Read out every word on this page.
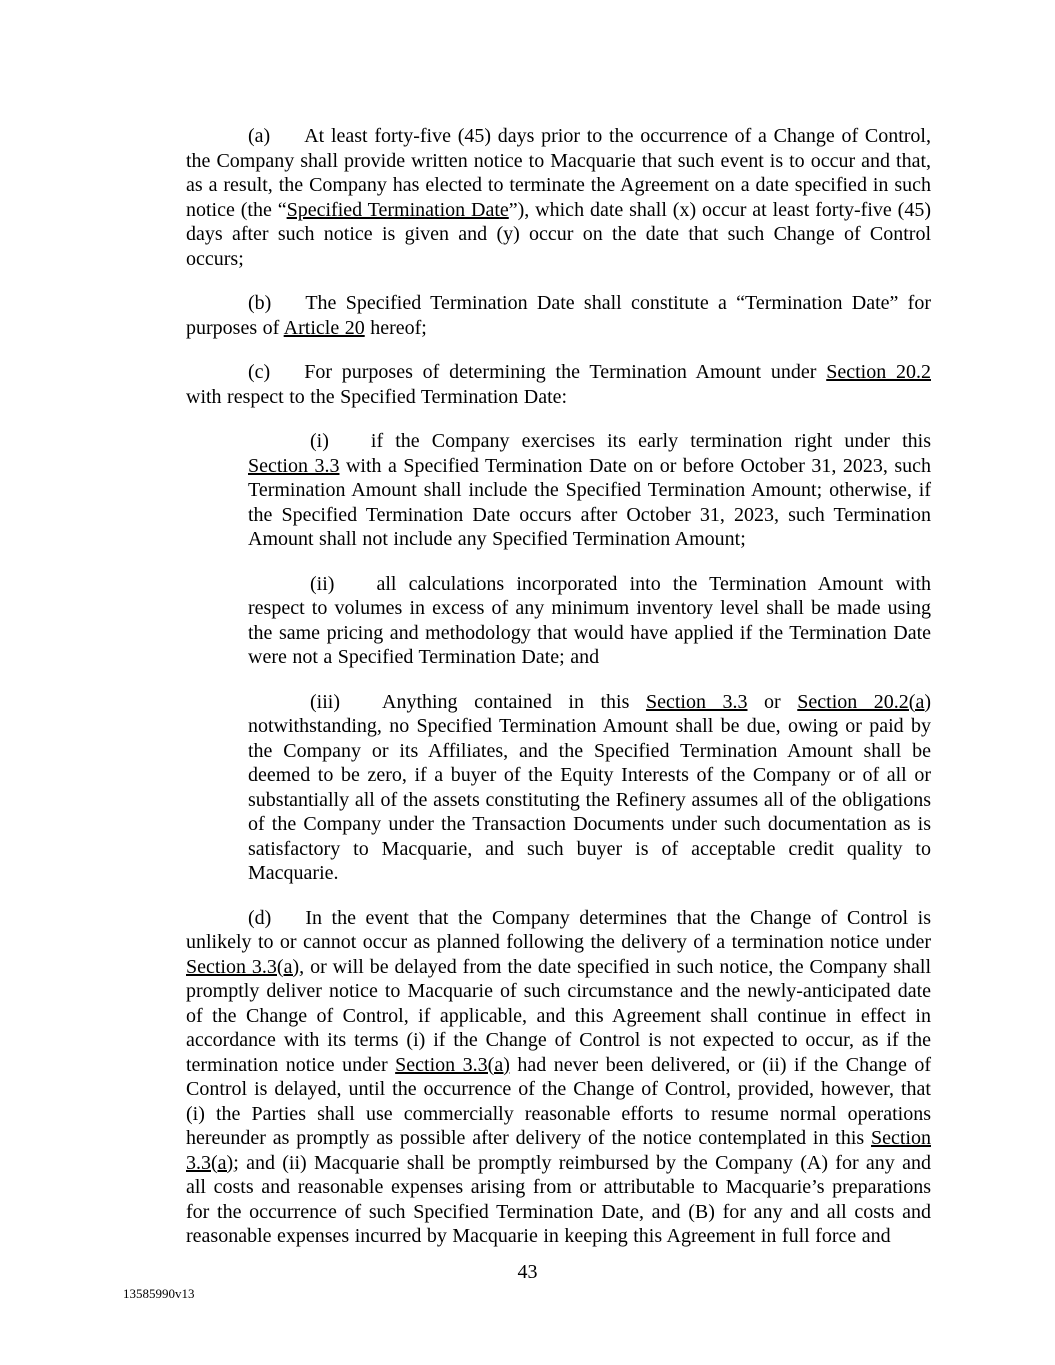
(a) At least forty-five (45) days prior to the occurrence of a Change of Control, the Company shall provide written notice to Macquarie that such event is to occur and that, as a result, the Company has elected to terminate the Agreement on a date specified in such notice (the “Specified Termination Date”), which date shall (x) occur at least forty-five (45) days after such notice is given and (y) occur on the date that such Change of Control occurs;

(b) The Specified Termination Date shall constitute a “Termination Date” for purposes of Article 20 hereof;

(c) For purposes of determining the Termination Amount under Section 20.2 with respect to the Specified Termination Date:

(i) if the Company exercises its early termination right under this Section 3.3 with a Specified Termination Date on or before October 31, 2023, such Termination Amount shall include the Specified Termination Amount; otherwise, if the Specified Termination Date occurs after October 31, 2023, such Termination Amount shall not include any Specified Termination Amount;

(ii) all calculations incorporated into the Termination Amount with respect to volumes in excess of any minimum inventory level shall be made using the same pricing and methodology that would have applied if the Termination Date were not a Specified Termination Date; and

(iii) Anything contained in this Section 3.3 or Section 20.2(a) notwithstanding, no Specified Termination Amount shall be due, owing or paid by the Company or its Affiliates, and the Specified Termination Amount shall be deemed to be zero, if a buyer of the Equity Interests of the Company or of all or substantially all of the assets constituting the Refinery assumes all of the obligations of the Company under the Transaction Documents under such documentation as is satisfactory to Macquarie, and such buyer is of acceptable credit quality to Macquarie.

(d) In the event that the Company determines that the Change of Control is unlikely to or cannot occur as planned following the delivery of a termination notice under Section 3.3(a), or will be delayed from the date specified in such notice, the Company shall promptly deliver notice to Macquarie of such circumstance and the newly-anticipated date of the Change of Control, if applicable, and this Agreement shall continue in effect in accordance with its terms (i) if the Change of Control is not expected to occur, as if the termination notice under Section 3.3(a) had never been delivered, or (ii) if the Change of Control is delayed, until the occurrence of the Change of Control, provided, however, that (i) the Parties shall use commercially reasonable efforts to resume normal operations hereunder as promptly as possible after delivery of the notice contemplated in this Section 3.3(a); and (ii) Macquarie shall be promptly reimbursed by the Company (A) for any and all costs and reasonable expenses arising from or attributable to Macquarie’s preparations for the occurrence of such Specified Termination Date, and (B) for any and all costs and reasonable expenses incurred by Macquarie in keeping this Agreement in full force and

43
13585990v13
